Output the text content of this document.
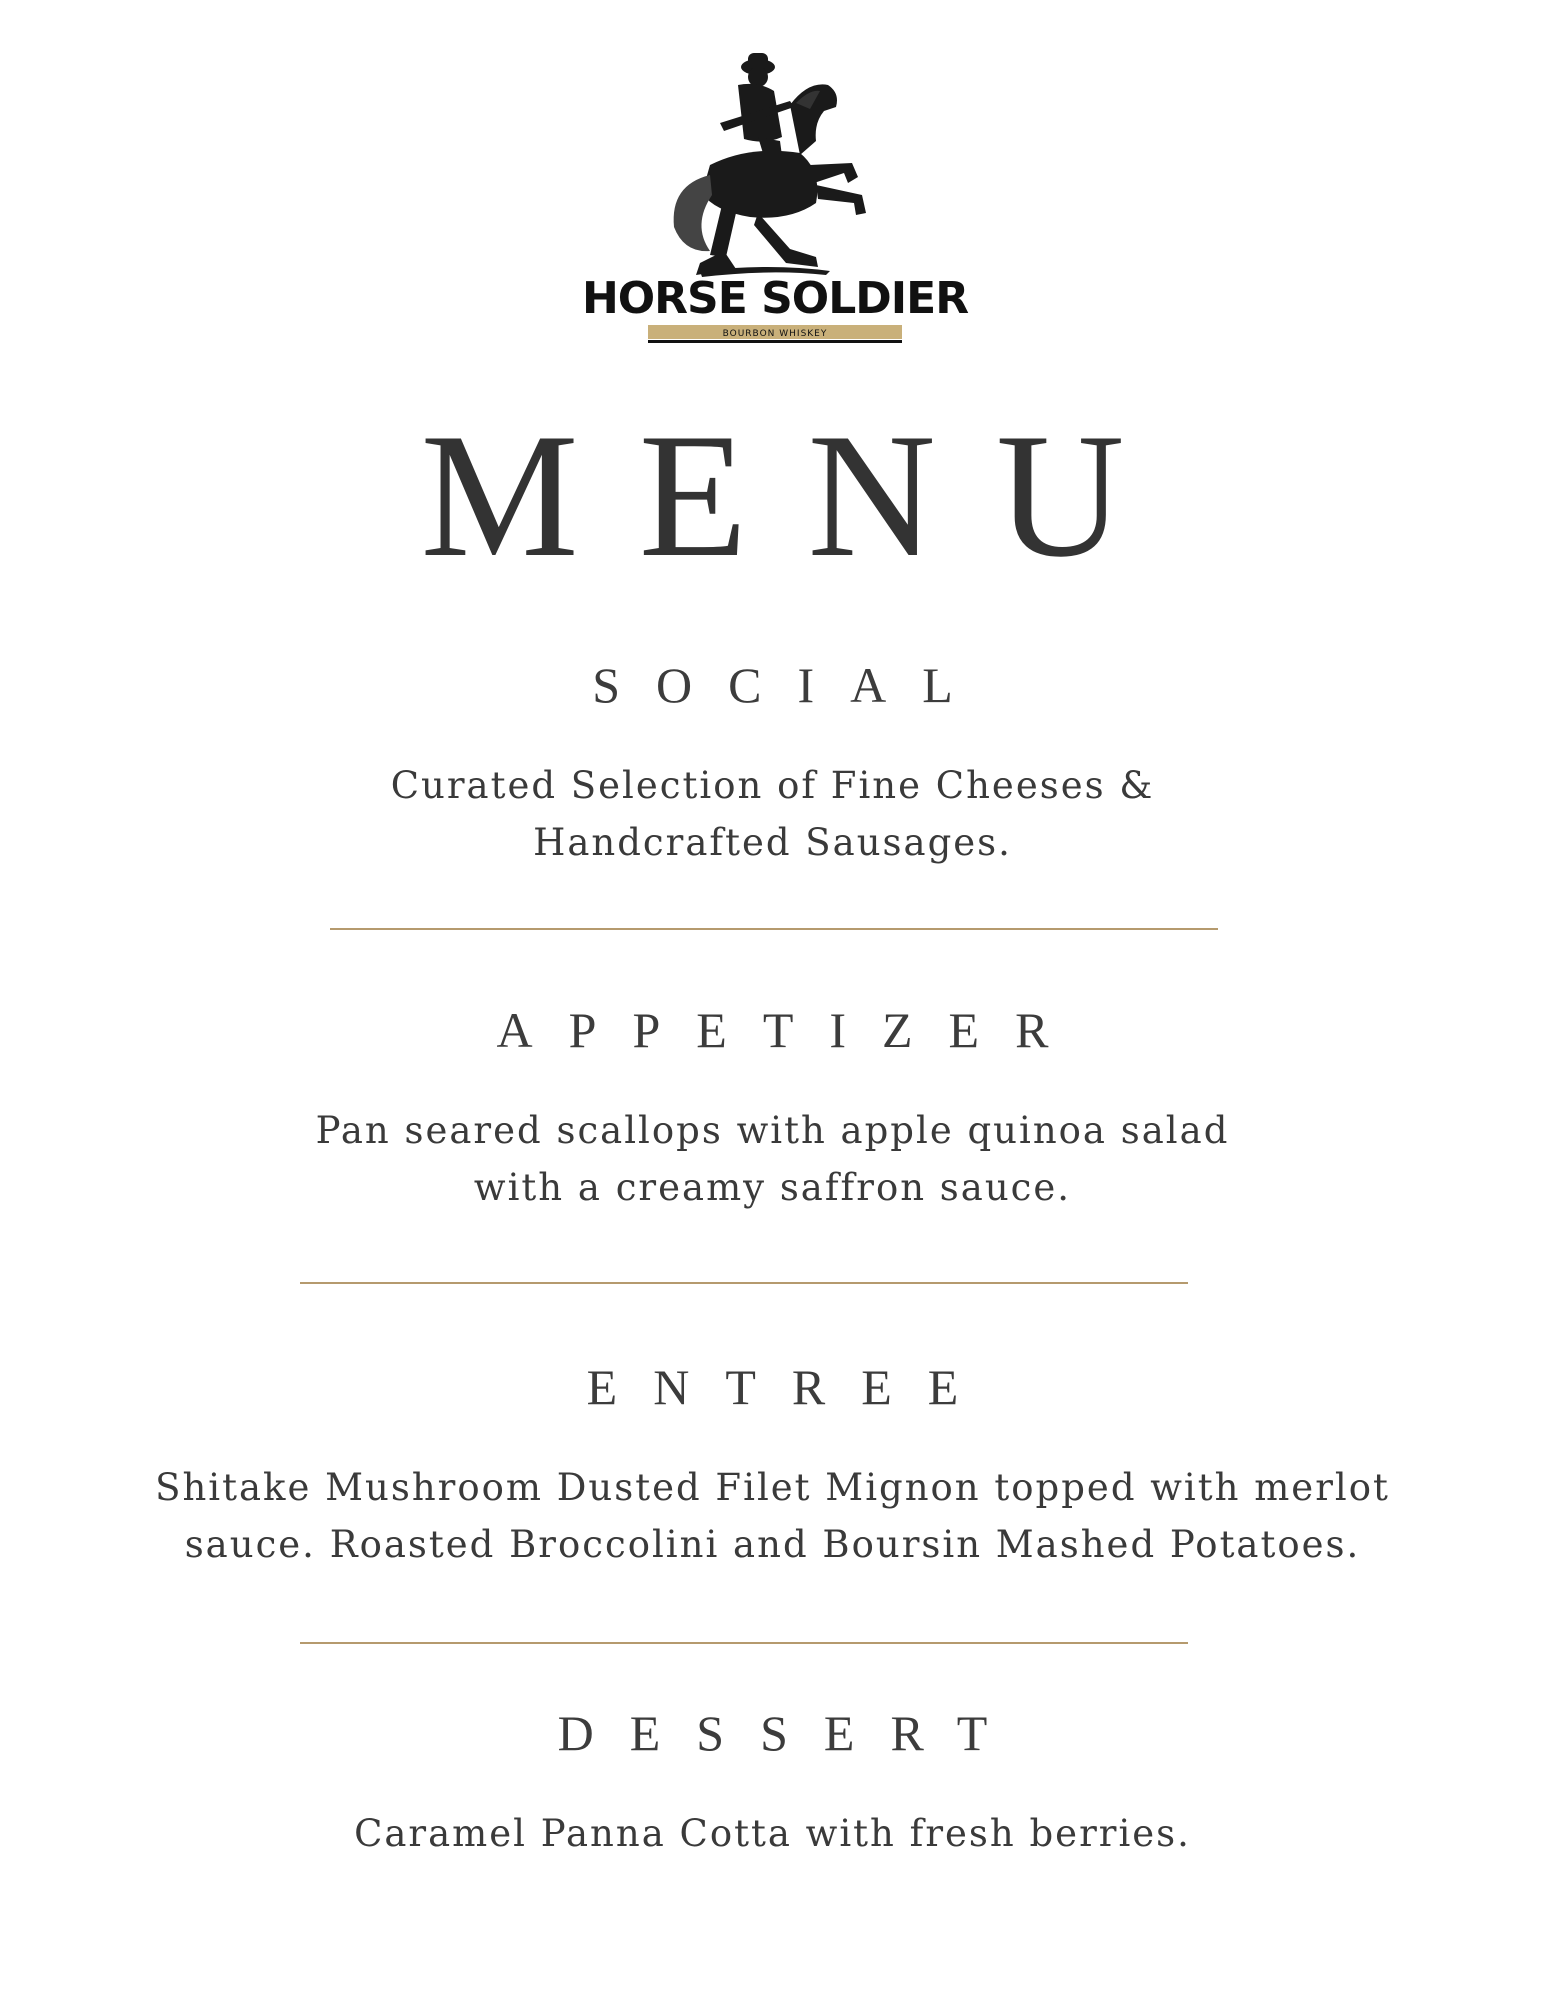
HORSE SOLDIER
BOURBON WHISKEY
MENU
SOCIAL

Curated Selection of Fine Cheeses &

Handcrafted Sausages.

APPETIZER

Pan seared scallops with apple quinoa salad

with a creamy saffron sauce.

ENTREE

Shitake Mushroom Dusted Filet Mignon topped with merlot

sauce. Roasted Broccolini and Boursin Mashed Potatoes.

DESSERT

Caramel Panna Cotta with fresh berries.
